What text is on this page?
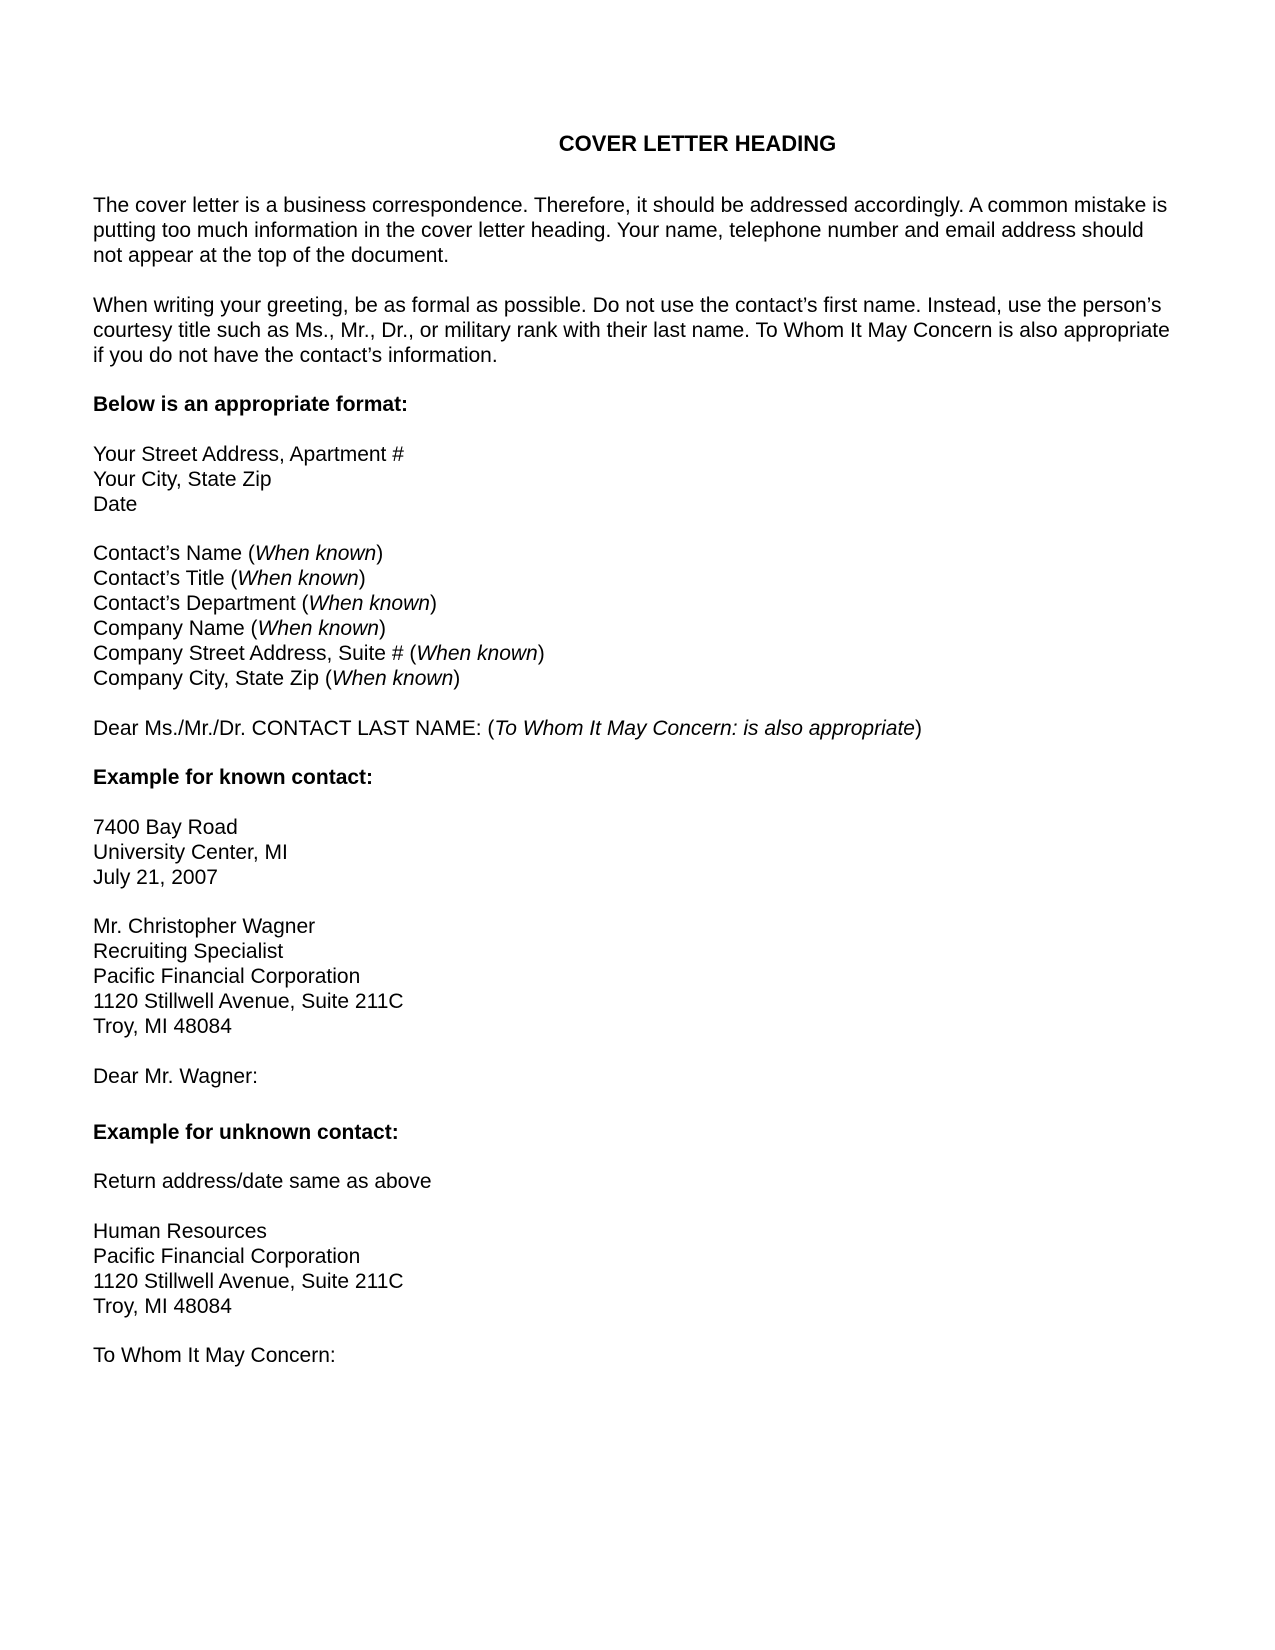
COVER LETTER HEADING

The cover letter is a business correspondence. Therefore, it should be addressed accordingly. A common mistake is putting too much information in the cover letter heading. Your name, telephone number and email address should not appear at the top of the document.

When writing your greeting, be as formal as possible. Do not use the contact’s first name. Instead, use the person’s courtesy title such as Ms., Mr., Dr., or military rank with their last name. To Whom It May Concern is also appropriate if you do not have the contact’s information.

Below is an appropriate format:

Your Street Address, Apartment #
Your City, State Zip
Date

Contact’s Name (When known)
Contact’s Title (When known)
Contact’s Department (When known)
Company Name (When known)
Company Street Address, Suite # (When known)
Company City, State Zip (When known)

Dear Ms./Mr./Dr. CONTACT LAST NAME: (To Whom It May Concern: is also appropriate)

Example for known contact:

7400 Bay Road
University Center, MI
July 21, 2007

Mr. Christopher Wagner
Recruiting Specialist
Pacific Financial Corporation
1120 Stillwell Avenue, Suite 211C
Troy, MI 48084

Dear Mr. Wagner:

Example for unknown contact:

Return address/date same as above

Human Resources
Pacific Financial Corporation
1120 Stillwell Avenue, Suite 211C
Troy, MI 48084

To Whom It May Concern:
